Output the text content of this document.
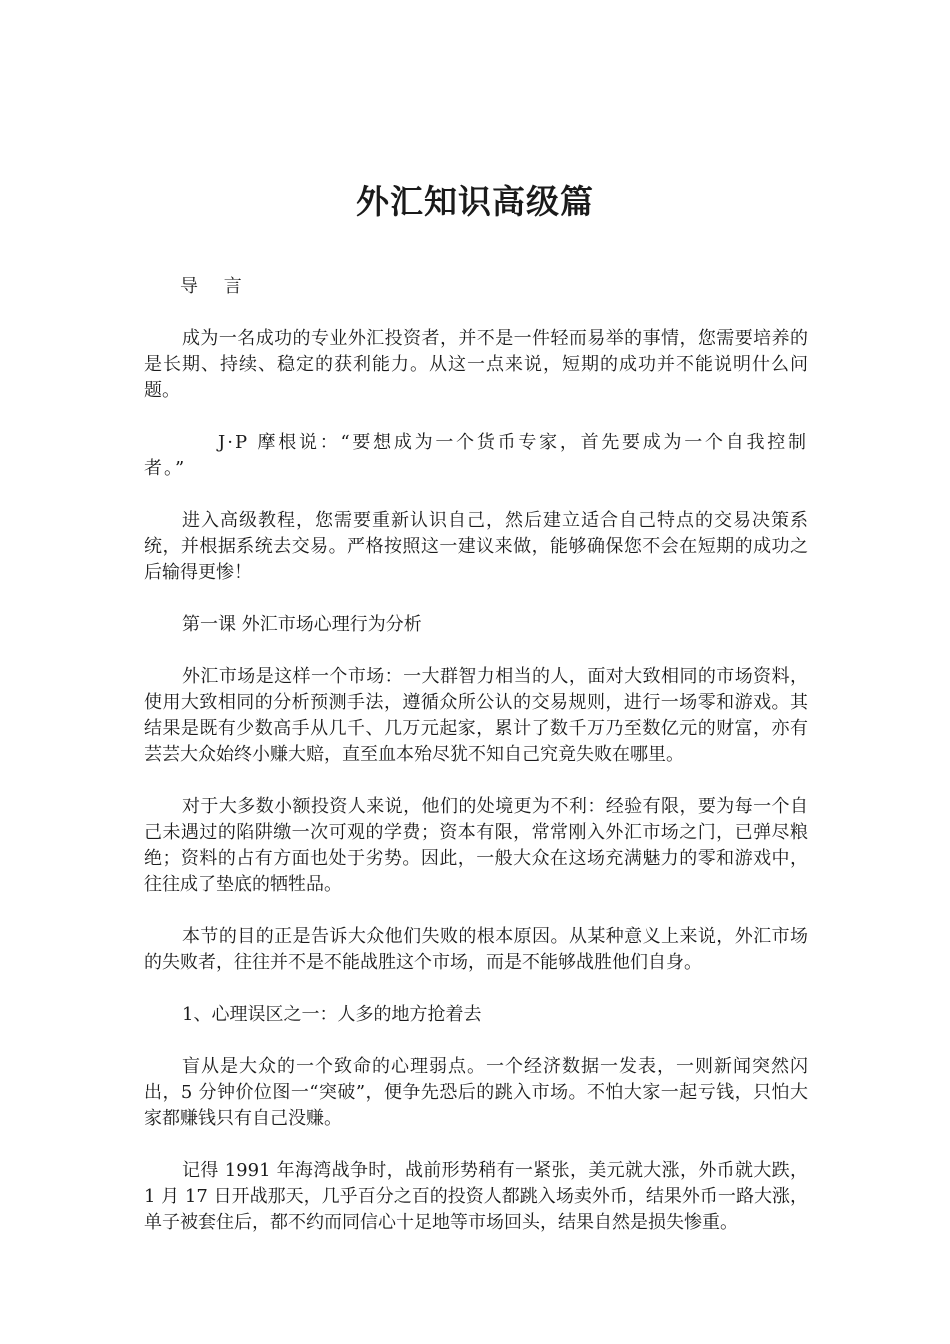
外汇知识高级篇

导 言

成为一名成功的专业外汇投资者，并不是一件轻而易举的事情，您需要培养的是长期、持续、稳定的获利能力。从这一点来说，短期的成功并不能说明什么问题。

J·P 摩根说：“要想成为一个货币专家，首先要成为一个自我控制者。”

进入高级教程，您需要重新认识自己，然后建立适合自己特点的交易决策系统，并根据系统去交易。严格按照这一建议来做，能够确保您不会在短期的成功之后输得更惨！

第一课 外汇市场心理行为分析

外汇市场是这样一个市场：一大群智力相当的人，面对大致相同的市场资料，使用大致相同的分析预测手法，遵循众所公认的交易规则，进行一场零和游戏。其结果是既有少数高手从几千、几万元起家，累计了数千万乃至数亿元的财富，亦有芸芸大众始终小赚大赔，直至血本殆尽犹不知自己究竟失败在哪里。

对于大多数小额投资人来说，他们的处境更为不利：经验有限，要为每一个自己未遇过的陷阱缴一次可观的学费；资本有限，常常刚入外汇市场之门，已弹尽粮绝；资料的占有方面也处于劣势。因此，一般大众在这场充满魅力的零和游戏中，往往成了垫底的牺牲品。

本节的目的正是告诉大众他们失败的根本原因。从某种意义上来说，外汇市场的失败者，往往并不是不能战胜这个市场，而是不能够战胜他们自身。

1、心理误区之一：人多的地方抢着去

盲从是大众的一个致命的心理弱点。一个经济数据一发表，一则新闻突然闪出，5 分钟价位图一“突破”，便争先恐后的跳入市场。不怕大家一起亏钱，只怕大家都赚钱只有自己没赚。

记得 1991 年海湾战争时，战前形势稍有一紧张，美元就大涨，外币就大跌，1 月 17 日开战那天，几乎百分之百的投资人都跳入场卖外币，结果外币一路大涨，单子被套住后，都不约而同信心十足地等市场回头，结果自然是损失惨重。
